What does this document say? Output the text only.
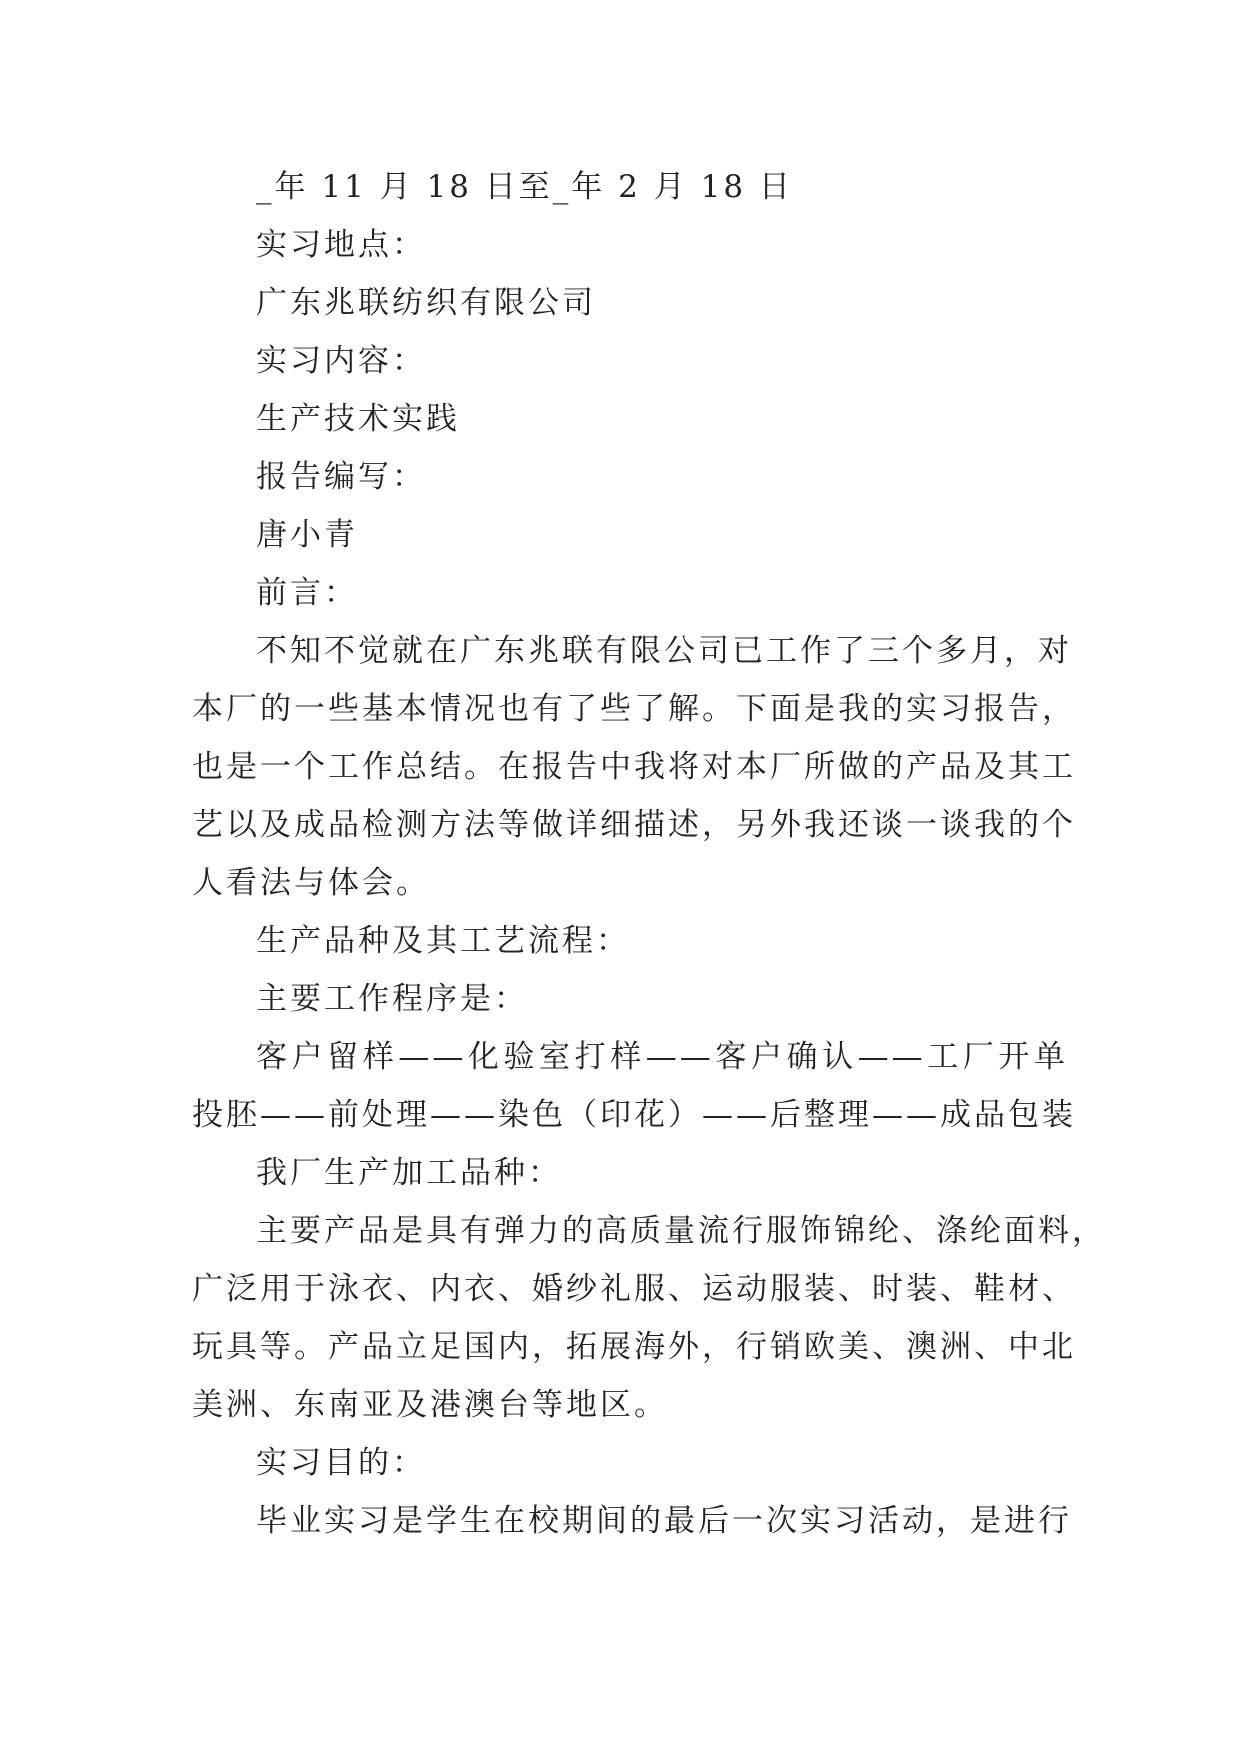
_年 11 月 18 日至_年 2 月 18 日
实习地点：
广东兆联纺织有限公司
实习内容：
生产技术实践
报告编写：
唐小青
前言：
不知不觉就在广东兆联有限公司已工作了三个多月，对
本厂的一些基本情况也有了些了解。下面是我的实习报告，
也是一个工作总结。在报告中我将对本厂所做的产品及其工
艺以及成品检测方法等做详细描述，另外我还谈一谈我的个
人看法与体会。
生产品种及其工艺流程：
主要工作程序是：
客户留样——化验室打样——客户确认——工厂开单
投胚——前处理——染色（印花）——后整理——成品包装
我厂生产加工品种：
主要产品是具有弹力的高质量流行服饰锦纶、涤纶面料，
广泛用于泳衣、内衣、婚纱礼服、运动服装、时装、鞋材、
玩具等。产品立足国内，拓展海外，行销欧美、澳洲、中北
美洲、东南亚及港澳台等地区。
实习目的：
毕业实习是学生在校期间的最后一次实习活动，是进行
